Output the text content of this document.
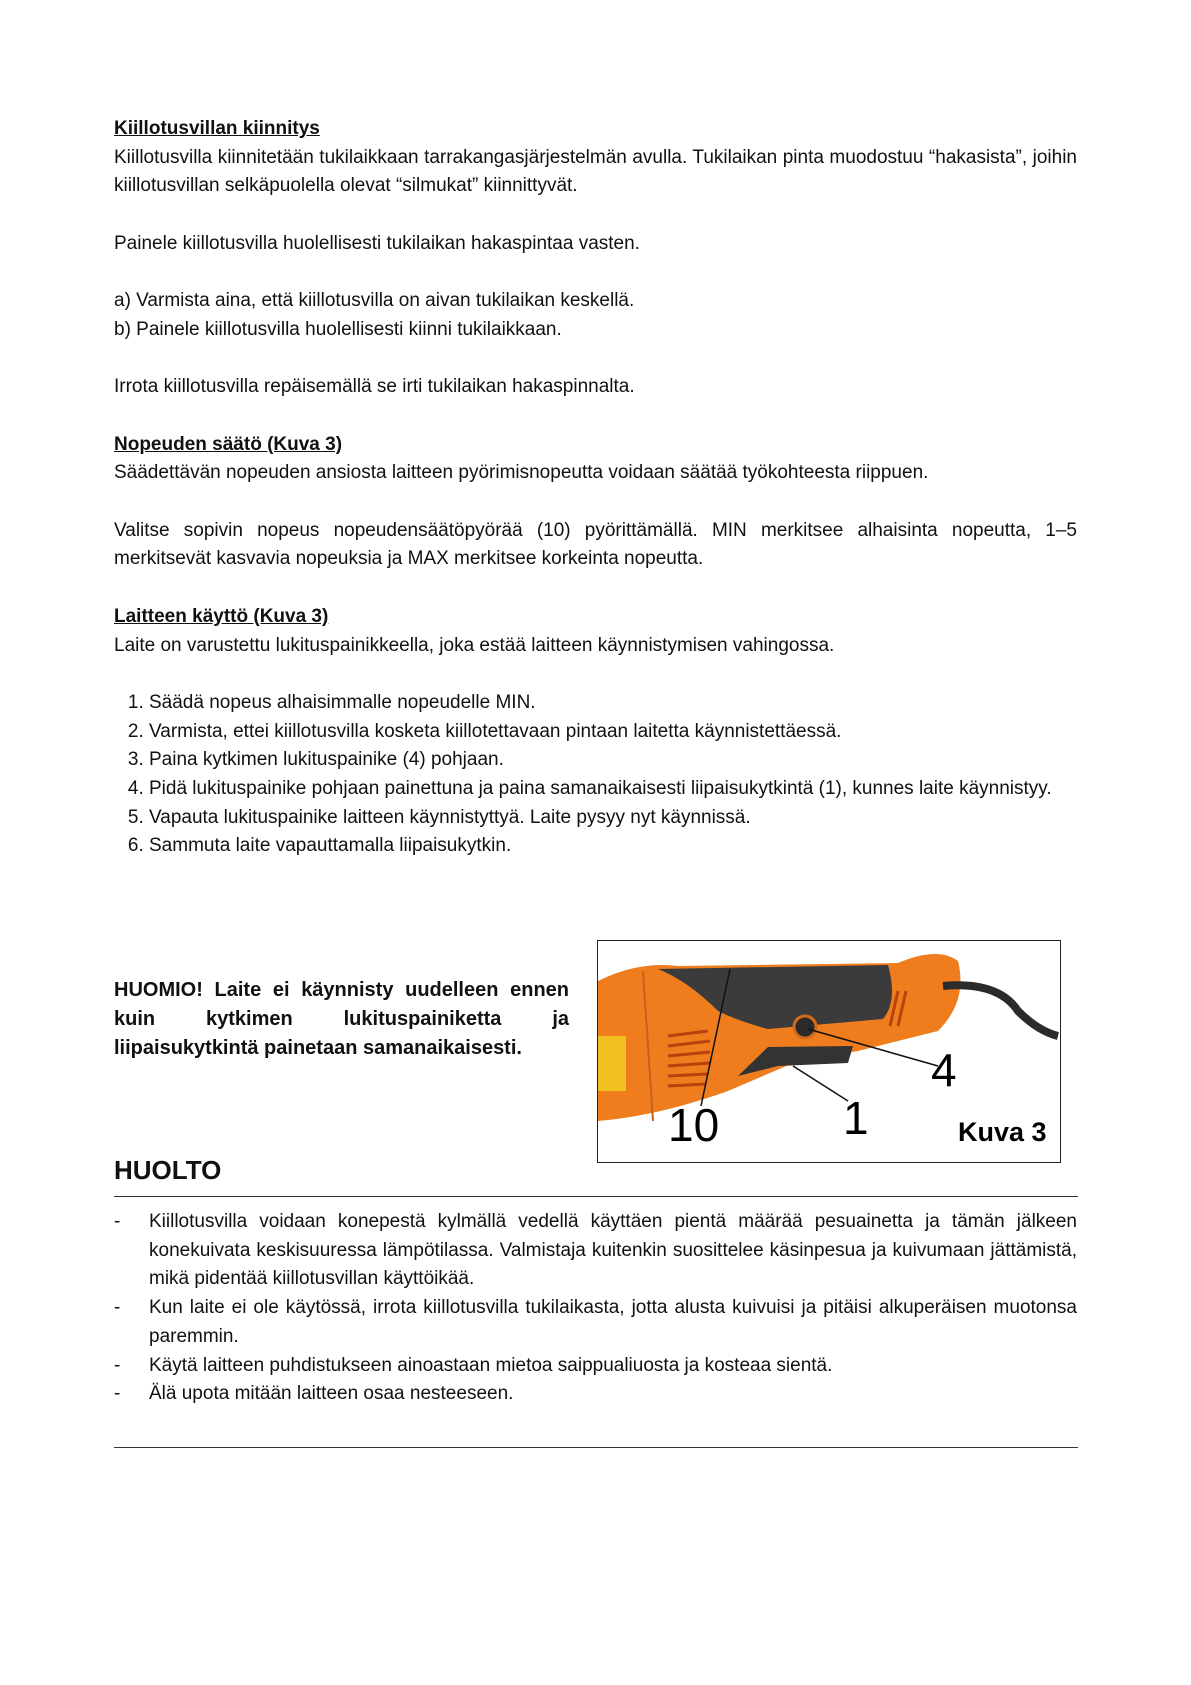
Kiillotusvillan kiinnitys

Kiillotusvilla kiinnitetään tukilaikkaan tarrakangasjärjestelmän avulla. Tukilaikan pinta muodostuu “hakasista”, joihin kiillotusvillan selkäpuolella olevat “silmukat” kiinnittyvät.

Painele kiillotusvilla huolellisesti tukilaikan hakaspintaa vasten.

a) Varmista aina, että kiillotusvilla on aivan tukilaikan keskellä.

b) Painele kiillotusvilla huolellisesti kiinni tukilaikkaan.

Irrota kiillotusvilla repäisemällä se irti tukilaikan hakaspinnalta.

Nopeuden säätö (Kuva 3)

Säädettävän nopeuden ansiosta laitteen pyörimisnopeutta voidaan säätää työkohteesta riippuen.

Valitse sopivin nopeus nopeudensäätöpyörää (10) pyörittämällä. MIN merkitsee alhaisinta nopeutta, 1–5 merkitsevät kasvavia nopeuksia ja MAX merkitsee korkeinta nopeutta.

Laitteen käyttö (Kuva 3)

Laite on varustettu lukituspainikkeella, joka estää laitteen käynnistymisen vahingossa.

1. Säädä nopeus alhaisimmalle nopeudelle MIN.
2. Varmista, ettei kiillotusvilla kosketa kiillotettavaan pintaan laitetta käynnistettäessä.
3. Paina kytkimen lukituspainike (4) pohjaan.
4. Pidä lukituspainike pohjaan painettuna ja paina samanaikaisesti liipaisukytkintä (1), kunnes laite käynnistyy.
5. Vapauta lukituspainike laitteen käynnistyttyä. Laite pysyy nyt käynnissä.
6. Sammuta laite vapauttamalla liipaisukytkin.
HUOMIO! Laite ei käynnisty uudelleen ennen kuin kytkimen lukituspainiketta ja liipaisukytkintä painetaan samanaikaisesti.
10	1
4
Kuva 3
HUOLTO
-	Kiillotusvilla voidaan konepestä kylmällä vedellä käyttäen pientä määrää pesuainetta ja tämän jälkeen konekuivata keskisuuressa lämpötilassa. Valmistaja kuitenkin suosittelee käsinpesua ja kuivumaan jättämistä, mikä pidentää kiillotusvillan käyttöikää.
-	Kun laite ei ole käytössä, irrota kiillotusvilla tukilaikasta, jotta alusta kuivuisi ja pitäisi alkuperäisen muotonsa paremmin.
-	Käytä laitteen puhdistukseen ainoastaan mietoa saippualiuosta ja kosteaa sientä.
-	Älä upota mitään laitteen osaa nesteeseen.
